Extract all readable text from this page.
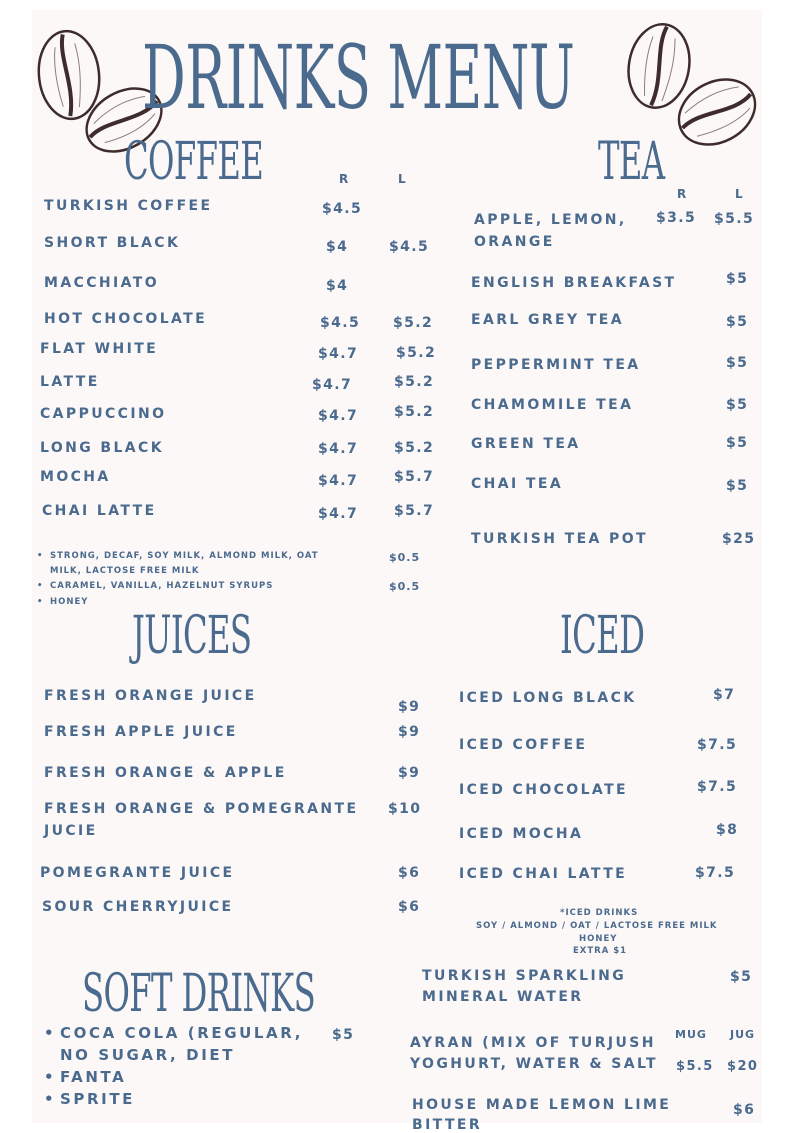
DRINKS MENU
COFFEE	R	L
TURKISH COFFEE	$4.5
SHORT BLACK	$4	$4.5
MACCHIATO	$4
HOT CHOCOLATE	$4.5 $5.2
FLAT WHITE	$4.7	$5.2
LATTE	$4.7	$5.2
CAPPUCCINO	$4.7	$5.2
LONG BLACK	$4.7	$5.2
MOCHA	$4.7	$5.7
CHAI LATTE	$4.7	$5.7
• STRONG, DECAF, SOY MILK, ALMOND MILK, OAT
MILK, LACTOSE FREE MILK
$0.5
• CARAMEL, VANILLA, HAZELNUT SYRUPS	$0.5
• HONEY
TEA
R	L
APPLE, LEMON,
ORANGE
$3.5 $5.5
ENGLISH BREAKFAST	$5
EARL GREY TEA	$5
PEPPERMINT TEA	$5
CHAMOMILE TEA	$5
GREEN TEA	$5
CHAI TEA	$5
TURKISH TEA POT	$25
JUICES
FRESH ORANGE JUICE
$9
FRESH APPLE JUICE	$9
FRESH ORANGE & APPLE	$9
FRESH ORANGE & POMEGRANTE
JUCIE
$10
POMEGRANTE JUICE	$6
SOUR CHERRYJUICE	$6
ICED
ICED LONG BLACK	$7
ICED COFFEE	$7.5
ICED CHOCOLATE	$7.5
ICED MOCHA	$8
ICED CHAI LATTE	$7.5
*ICED DRINKS
SOY / ALMOND / OAT / LACTOSE FREE MILK
HONEY
EXTRA $1
SOFT DRINKS
• COCA COLA (REGULAR,
NO SUGAR, DIET
• FANTA
• SPRITE
$5
TURKISH SPARKLING
MINERAL WATER
$5
MUG JUG
AYRAN (MIX OF TURJUSH
YOGHURT, WATER & SALT $5.5 $20
HOUSE MADE LEMON LIME
BITTER
$6
